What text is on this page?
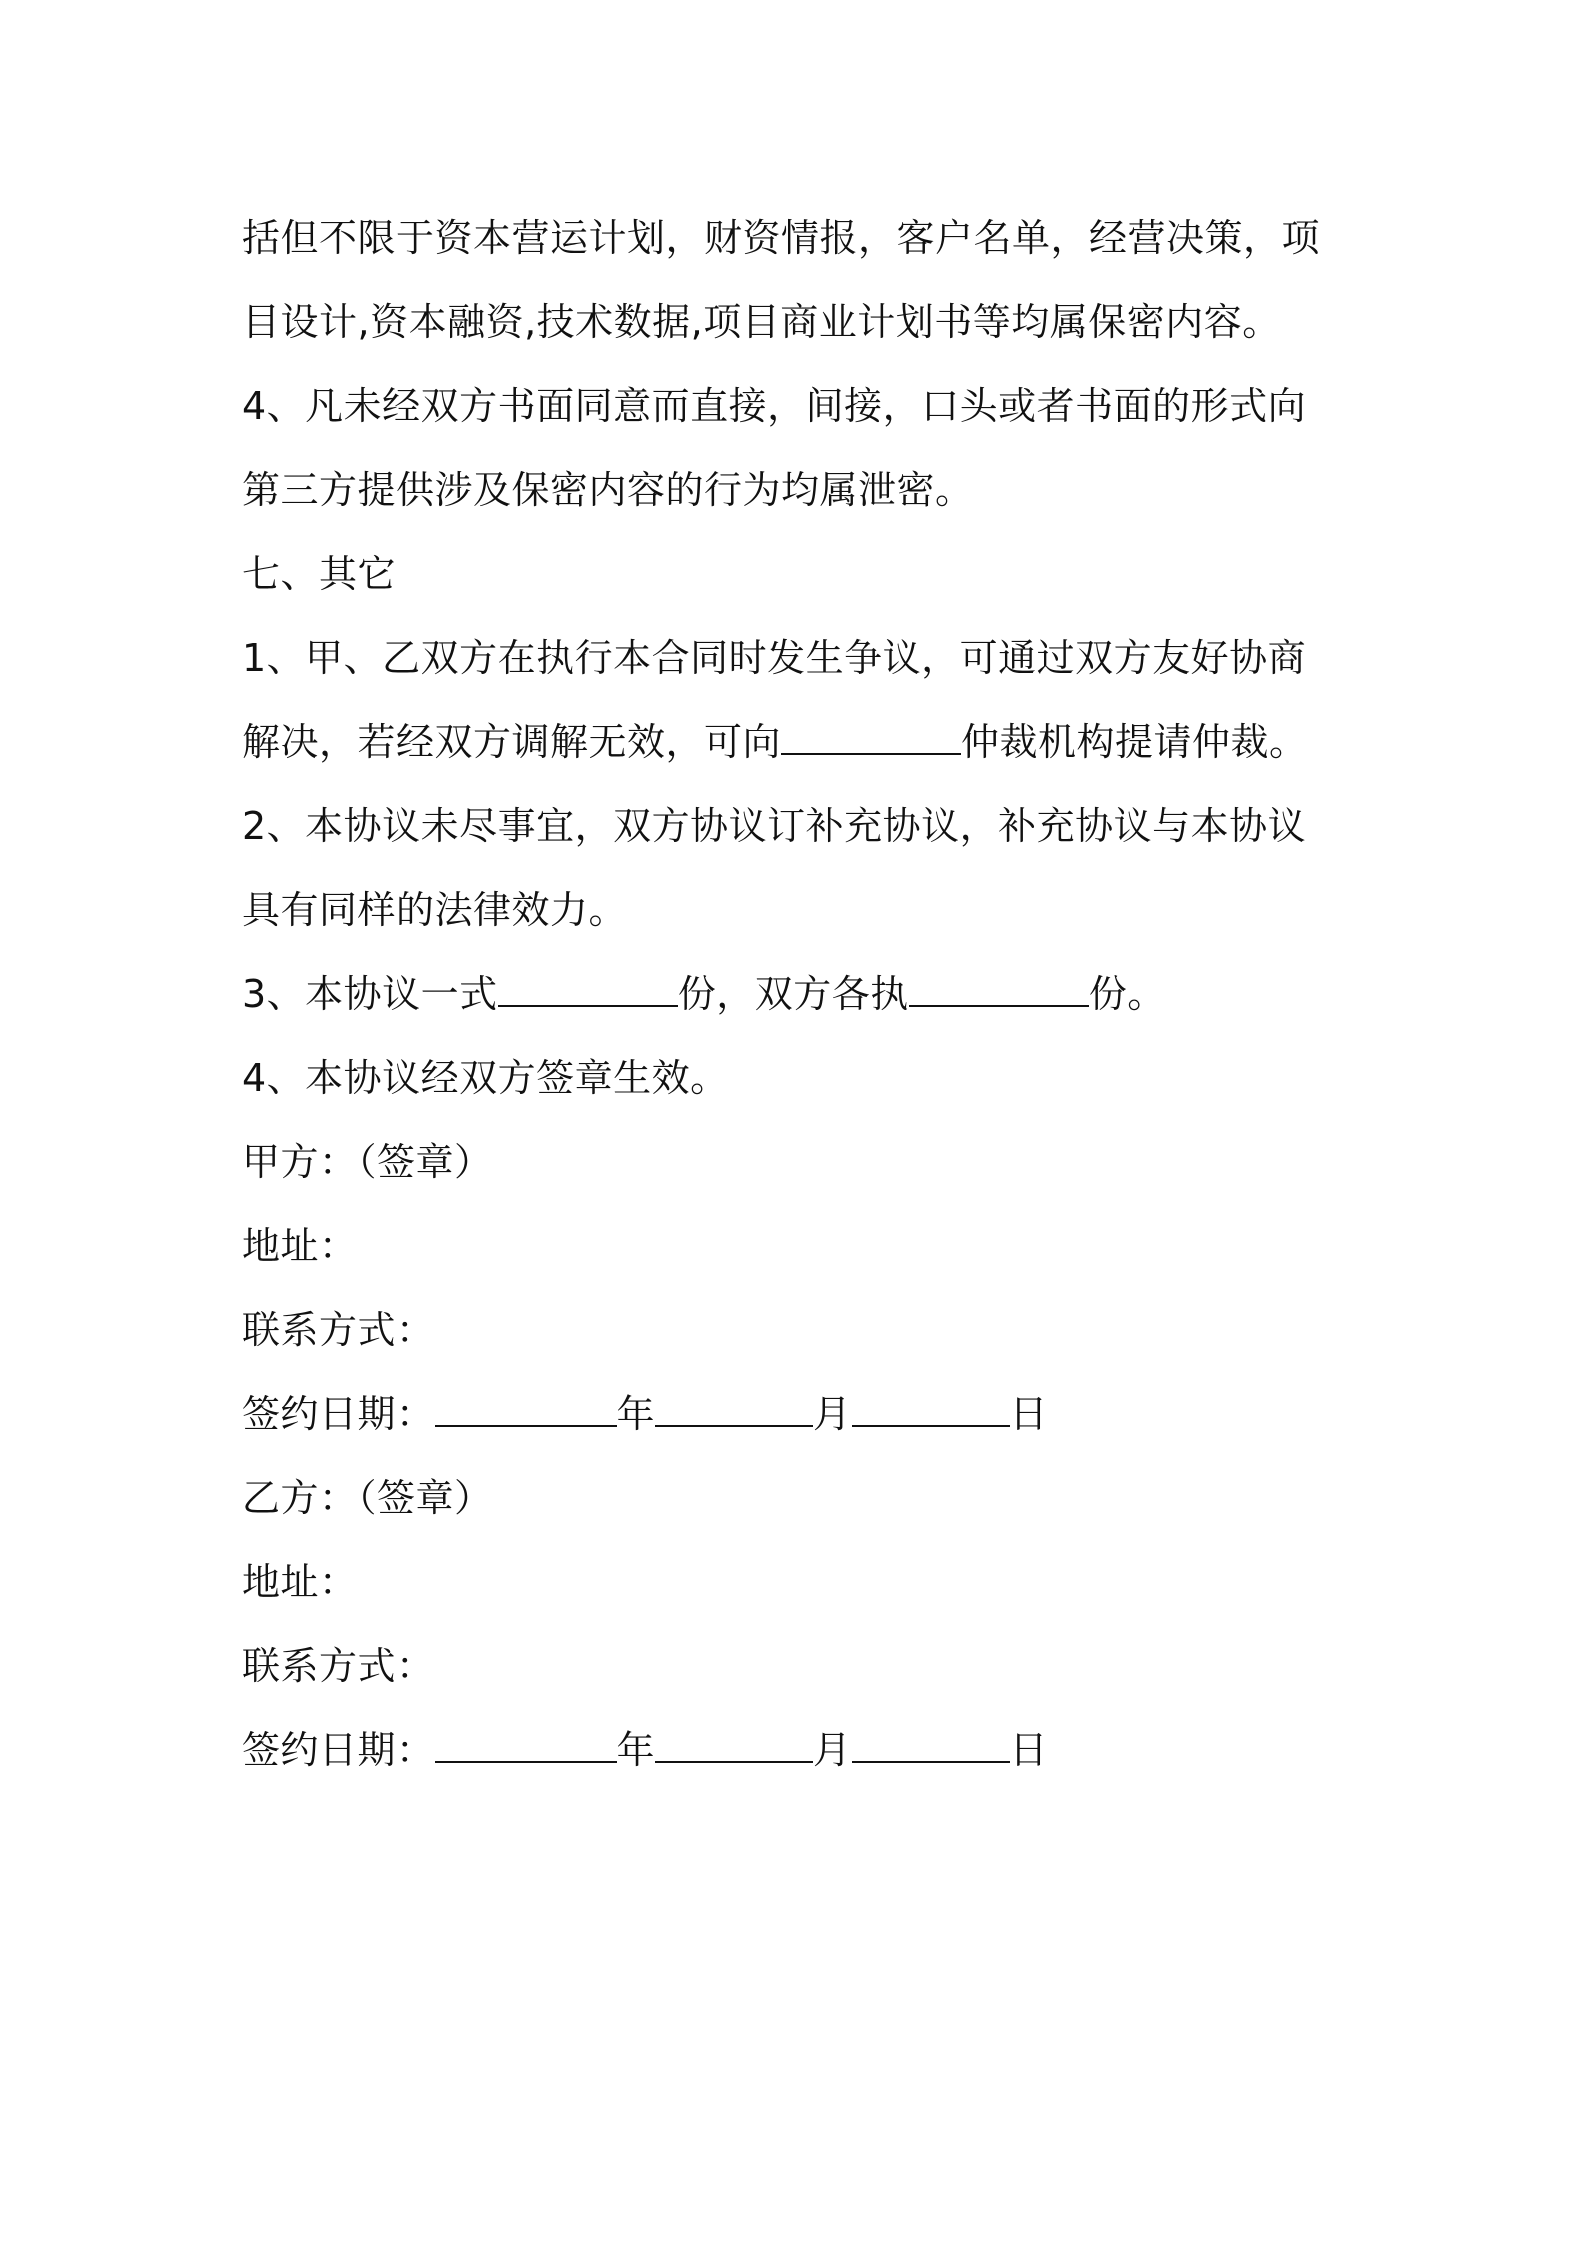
括但不限于资本营运计划，财资情报，客户名单，经营决策，项
目设计,资本融资,技术数据,项目商业计划书等均属保密内容。
4、凡未经双方书面同意而直接，间接，口头或者书面的形式向
第三方提供涉及保密内容的行为均属泄密。
七、其它
1、甲、乙双方在执行本合同时发生争议，可通过双方友好协商
解决，若经双方调解无效，可向	仲裁机构提请仲裁。
2、本协议未尽事宜，双方协议订补充协议，补充协议与本协议
具有同样的法律效力。
3、本协议一式	份，双方各执	份。
4、本协议经双方签章生效。
甲方：（签章）
地址：
联系方式：
签约日期：	年	月	日
乙方：（签章）
地址：
联系方式：
签约日期：	年	月	日
